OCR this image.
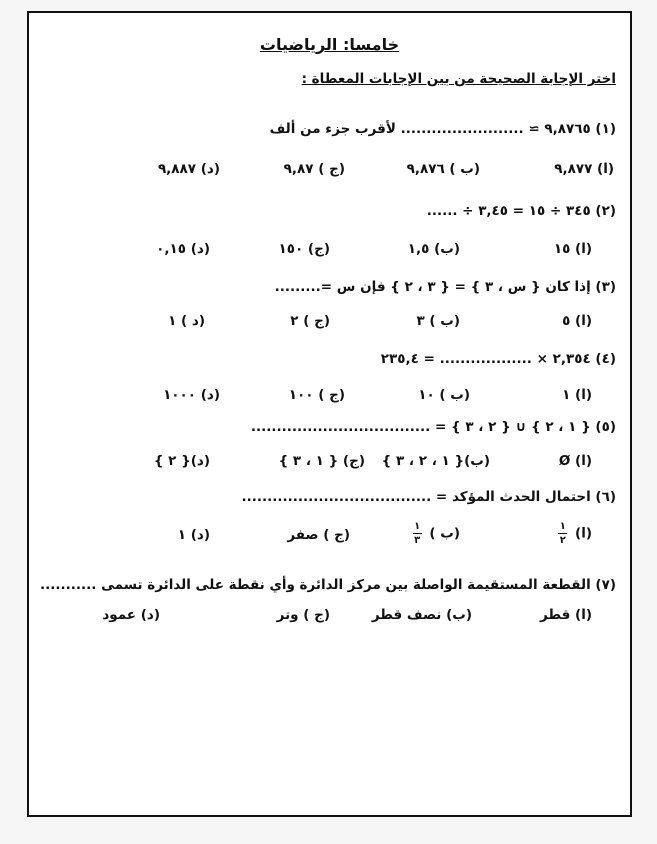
خامسا: الرياضيات
اختر الإجابة الصحيحة من بين الإجابات المعطاة :
(١) ٩,٨٧٦٥ ≃ ........................ لأقرب جزء من ألف
(ا) ٩,٨٧٧
(ب ) ٩,٨٧٦
(ج ) ٩,٨٧
(د) ٩,٨٨٧
(٢) ٣٤٥ ÷ ١٥ = ٣,٤٥ ÷ ......
(ا) ١٥
(ب) ١,٥
(ج) ١٥٠
(د) ٠,١٥
(٣) إذا كان { س ، ٣ } = { ٣ ، ٢ } فإن س =.........
(ا) ٥
(ب ) ٣
(ج ) ٢
(د ) ١
(٤) ٢,٣٥٤ × .................. = ٢٣٥,٤
(ا) ١
(ب ) ١٠
(ج ) ١٠٠
(د) ١٠٠٠
(٥) { ١ ، ٢ } ∪ { ٢ ، ٣ } = ...................................
(ا) Ø
(ب){ ١ ، ٢ ، ٣ }
(ج) { ١ ، ٣ }
(د){ ٢ }
(٦) احتمال الحدث المؤكد = .....................................
(ا)
$\frac{١}{٢}$
(ب )
$\frac{١}{٣}$
(ج ) صفر
(د) ١
(٧) القطعة المستقيمة الواصلة بين مركز الدائرة وأي نقطة على الدائرة تسمى ...........
(ا) قطر
(ب) نصف قطر
(ج ) وتر
(د) عمود
